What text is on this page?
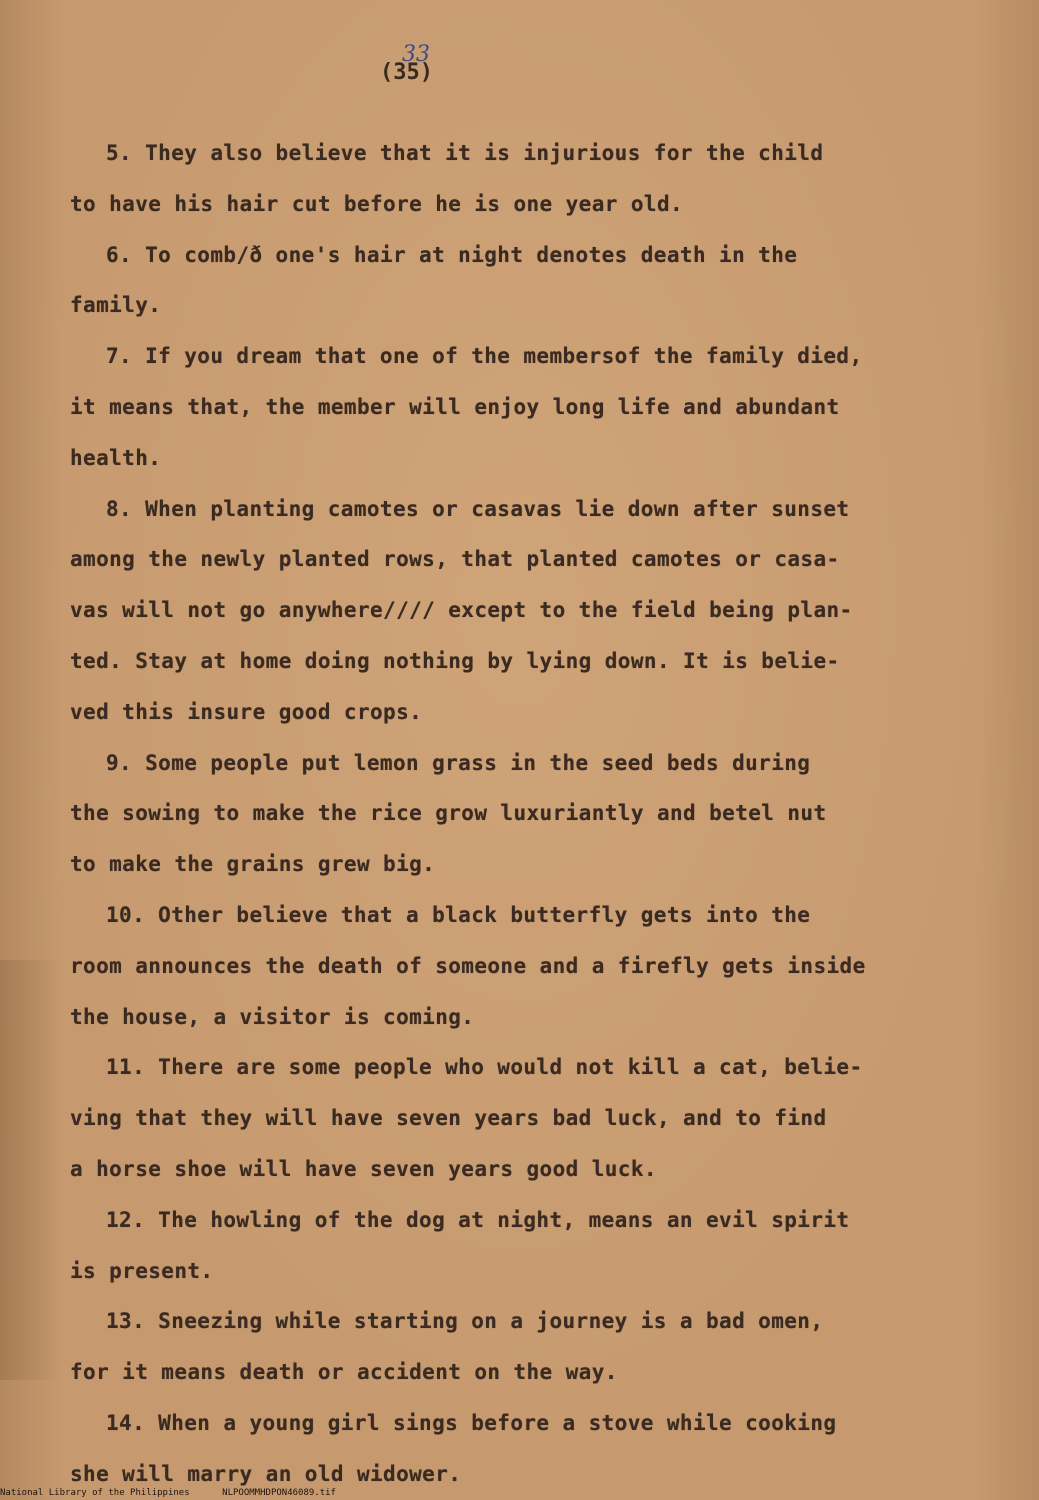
33
(35)
5. They also believe that it is injurious for the child
to have his hair cut before he is one year old.
6. To comb/ð one's hair at night denotes death in the
family.
7. If you dream that one of the membersof the family died,
it means that, the member will enjoy long life and abundant
health.
8. When planting camotes or casavas lie down after sunset
among the newly planted rows, that planted camotes or casa-
vas will not go anywhere//// except to the field being plan-
ted. Stay at home doing nothing by lying down. It is belie-
ved this insure good crops.
9. Some people put lemon grass in the seed beds during
the sowing to make the rice grow luxuriantly and betel nut
to make the grains grew big.
10. Other believe that a black butterfly gets into the
room announces the death of someone and a firefly gets inside
the house, a visitor is coming.
11. There are some people who would not kill a cat, belie-
ving that they will have seven years bad luck, and to find
a horse shoe will have seven years good luck.
12. The howling of the dog at night, means an evil spirit
is present.
13. Sneezing while starting on a journey is a bad omen,
for it means death or accident on the way.
14. When a young girl sings before a stove while cooking
she will marry an old widower.
National Library of the Philippines	NLPOOMMHDPON46089.tif
